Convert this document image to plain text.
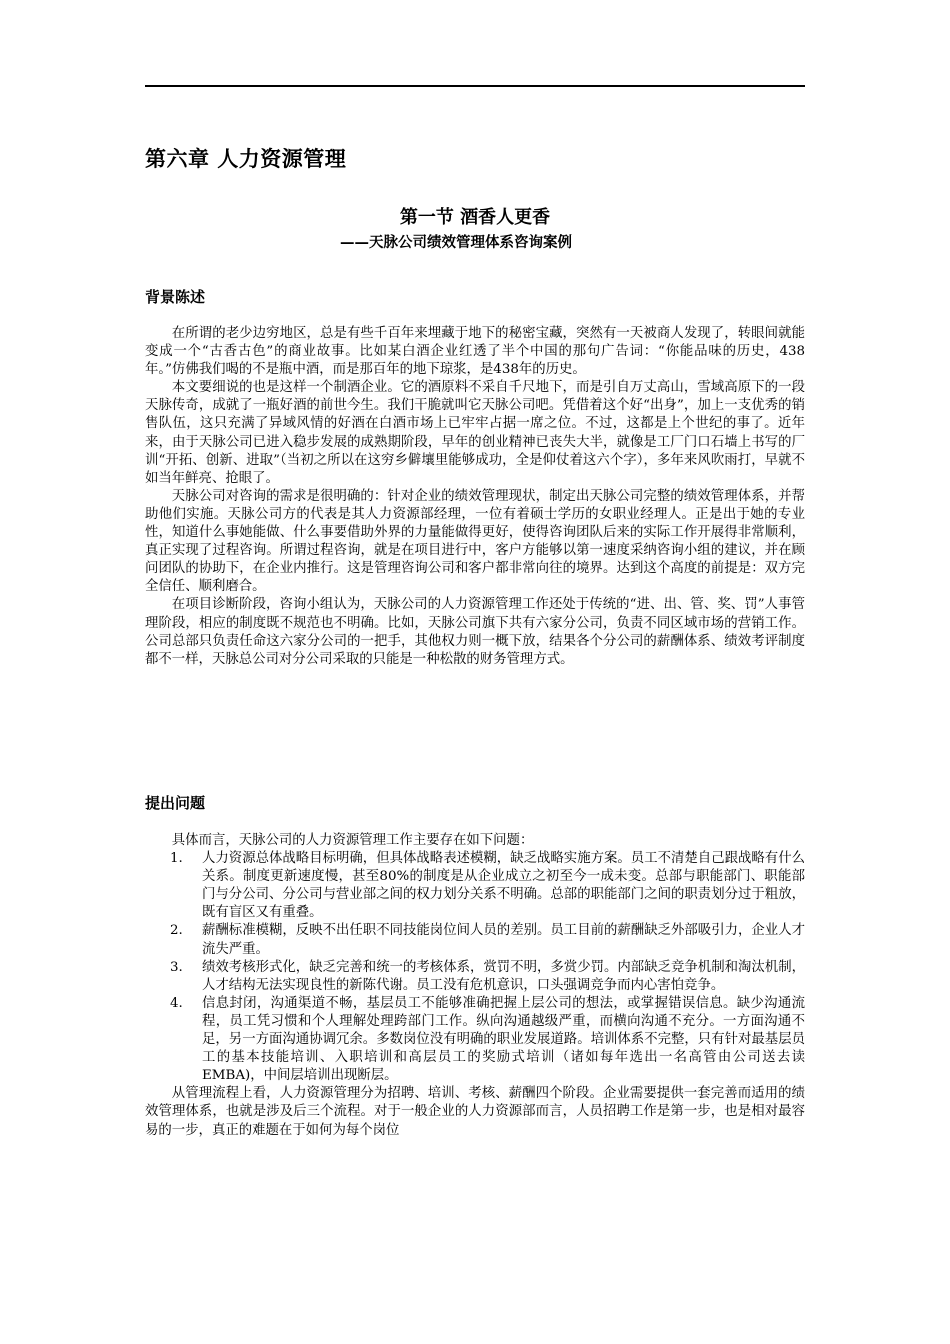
第六章 人力资源管理
第一节 酒香人更香
——天脉公司绩效管理体系咨询案例
背景陈述

在所谓的老少边穷地区，总是有些千百年来埋藏于地下的秘密宝藏，突然有一天被商人发现了，转眼间就能变成一个“古香古色”的商业故事。比如某白酒企业红透了半个中国的那句广告词：“你能品味的历史，438年。”仿佛我们喝的不是瓶中酒，而是那百年的地下琼浆，是438年的历史。

本文要细说的也是这样一个制酒企业。它的酒原料不采自千尺地下，而是引自万丈高山，雪域高原下的一段天脉传奇，成就了一瓶好酒的前世今生。我们干脆就叫它天脉公司吧。凭借着这个好“出身”，加上一支优秀的销售队伍，这只充满了异域风情的好酒在白酒市场上已牢牢占据一席之位。不过，这都是上个世纪的事了。近年来，由于天脉公司已进入稳步发展的成熟期阶段，早年的创业精神已丧失大半，就像是工厂门口石墙上书写的厂训“开拓、创新、进取”（当初之所以在这穷乡僻壤里能够成功，全是仰仗着这六个字），多年来风吹雨打，早就不如当年鲜亮、抢眼了。

天脉公司对咨询的需求是很明确的：针对企业的绩效管理现状，制定出天脉公司完整的绩效管理体系，并帮助他们实施。天脉公司方的代表是其人力资源部经理，一位有着硕士学历的女职业经理人。正是出于她的专业性，知道什么事她能做、什么事要借助外界的力量能做得更好，使得咨询团队后来的实际工作开展得非常顺利，真正实现了过程咨询。所谓过程咨询，就是在项目进行中，客户方能够以第一速度采纳咨询小组的建议，并在顾问团队的协助下，在企业内推行。这是管理咨询公司和客户都非常向往的境界。达到这个高度的前提是：双方完全信任、顺利磨合。

在项目诊断阶段，咨询小组认为，天脉公司的人力资源管理工作还处于传统的“进、出、管、奖、罚”人事管理阶段，相应的制度既不规范也不明确。比如，天脉公司旗下共有六家分公司，负责不同区域市场的营销工作。公司总部只负责任命这六家分公司的一把手，其他权力则一概下放，结果各个分公司的薪酬体系、绩效考评制度都不一样，天脉总公司对分公司采取的只能是一种松散的财务管理方式。

提出问题

具体而言，天脉公司的人力资源管理工作主要存在如下问题：

1. 人力资源总体战略目标明确，但具体战略表述模糊，缺乏战略实施方案。员工不清楚自己跟战略有什么关系。制度更新速度慢，甚至80%的制度是从企业成立之初至今一成未变。总部与职能部门、职能部门与分公司、分公司与营业部之间的权力划分关系不明确。总部的职能部门之间的职责划分过于粗放，既有盲区又有重叠。
2. 薪酬标准模糊，反映不出任职不同技能岗位间人员的差别。员工目前的薪酬缺乏外部吸引力，企业人才流失严重。
3. 绩效考核形式化，缺乏完善和统一的考核体系，赏罚不明，多赏少罚。内部缺乏竞争机制和淘汰机制，人才结构无法实现良性的新陈代谢。员工没有危机意识，口头强调竞争而内心害怕竞争。
4. 信息封闭，沟通渠道不畅，基层员工不能够准确把握上层公司的想法，或掌握错误信息。缺少沟通流程，员工凭习惯和个人理解处理跨部门工作。纵向沟通越级严重，而横向沟通不充分。一方面沟通不足，另一方面沟通协调冗余。多数岗位没有明确的职业发展道路。培训体系不完整，只有针对最基层员工的基本技能培训、入职培训和高层员工的奖励式培训（诸如每年选出一名高管由公司送去读 EMBA)，中间层培训出现断层。

从管理流程上看，人力资源管理分为招聘、培训、考核、薪酬四个阶段。企业需要提供一套完善而适用的绩效管理体系，也就是涉及后三个流程。对于一般企业的人力资源部而言，人员招聘工作是第一步，也是相对最容易的一步，真正的难题在于如何为每个岗位
